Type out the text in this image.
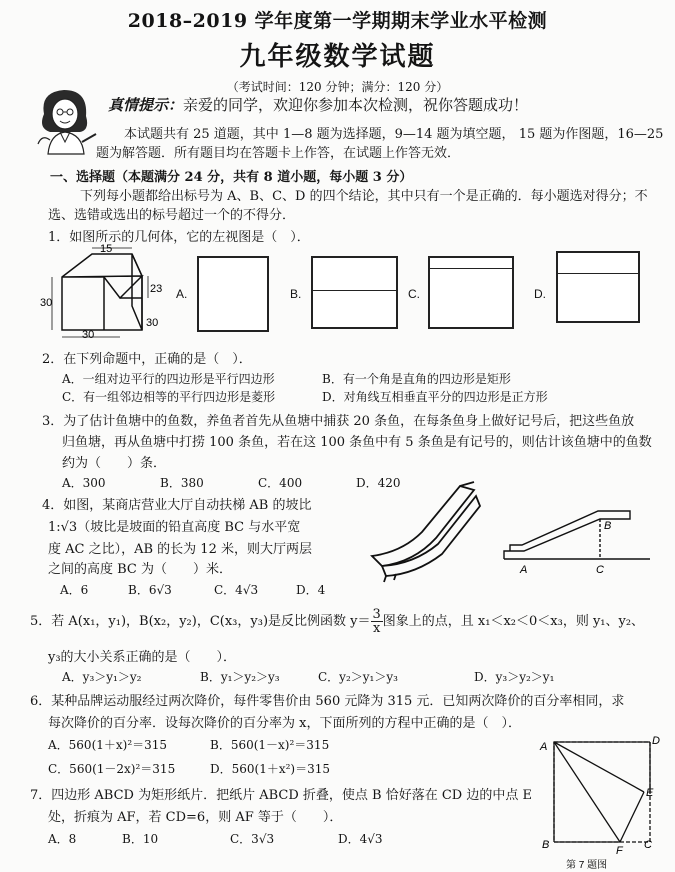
2018–2019 学年度第一学期期末学业水平检测
九年级数学试题
（考试时间：120 分钟；满分：120 分）
真情提示：亲爱的同学，欢迎你参加本次检测，祝你答题成功！
本试题共有 25 道题，其中 1—8 题为选择题，9—14 题为填空题， 15 题为作图题，16—25
题为解答题．所有题目均在答题卡上作答，在试题上作答无效．
一、选择题（本题满分 24 分，共有 8 道小题，每小题 3 分）
下列每小题都给出标号为 A、B、C、D 的四个结论，其中只有一个是正确的．每小题选对得分；不
选、选错或选出的标号超过一个的不得分．
1．如图所示的几何体，它的左视图是（　）．
15
23
30
30
30
A.	B.	C.	D.
2．在下列命题中，正确的是（　）．
A．一组对边平行的四边形是平行四边形	B．有一个角是直角的四边形是矩形
C．有一组邻边相等的平行四边形是菱形	D．对角线互相垂直平分的四边形是正方形
3．为了估计鱼塘中的鱼数，养鱼者首先从鱼塘中捕获 20 条鱼，在每条鱼身上做好记号后，把这些鱼放
归鱼塘，再从鱼塘中打捞 100 条鱼，若在这 100 条鱼中有 5 条鱼是有记号的，则估计该鱼塘中的鱼数
约为（　　）条．
A．300	B．380	C．400	D．420
4．如图，某商店营业大厅自动扶梯 AB 的坡比
1:√3（坡比是坡面的铅直高度 BC 与水平宽
度 AC 之比），AB 的长为 12 米，则大厅两层
之间的高度 BC 为（　　）米．
A．6	B．6√3	C．4√3	D．4
A
B
C
5．若 A(x₁，y₁)，B(x₂，y₂)，C(x₃，y₃)是反比例函数 $y= \frac{3}{x}$ 图象上的点，且 x₁＜x₂＜0＜x₃，则 y₁、y₂、
y₃的大小关系正确的是（　　）．
A．y₃＞y₁＞y₂	B．y₁＞y₂＞y₃	C．y₂＞y₁＞y₃	D．y₃＞y₂＞y₁
6．某种品牌运动服经过两次降价，每件零售价由 560 元降为 315 元．已知两次降价的百分率相同，求
每次降价的百分率．设每次降价的百分率为 x，下面所列的方程中正确的是（　）．
A．560(1＋x)²＝315	B．560(1－x)²＝315
C．560(1－2x)²＝315	D．560(1＋x²)＝315
7．四边形 ABCD 为矩形纸片．把纸片 ABCD 折叠，使点 B 恰好落在 CD 边的中点 E
处，折痕为 AF，若 CD=6，则 AF 等于（　　）．
A．8	B．10	C．3√3	D．4√3
A	D
E
B	F C
第 7 题图
